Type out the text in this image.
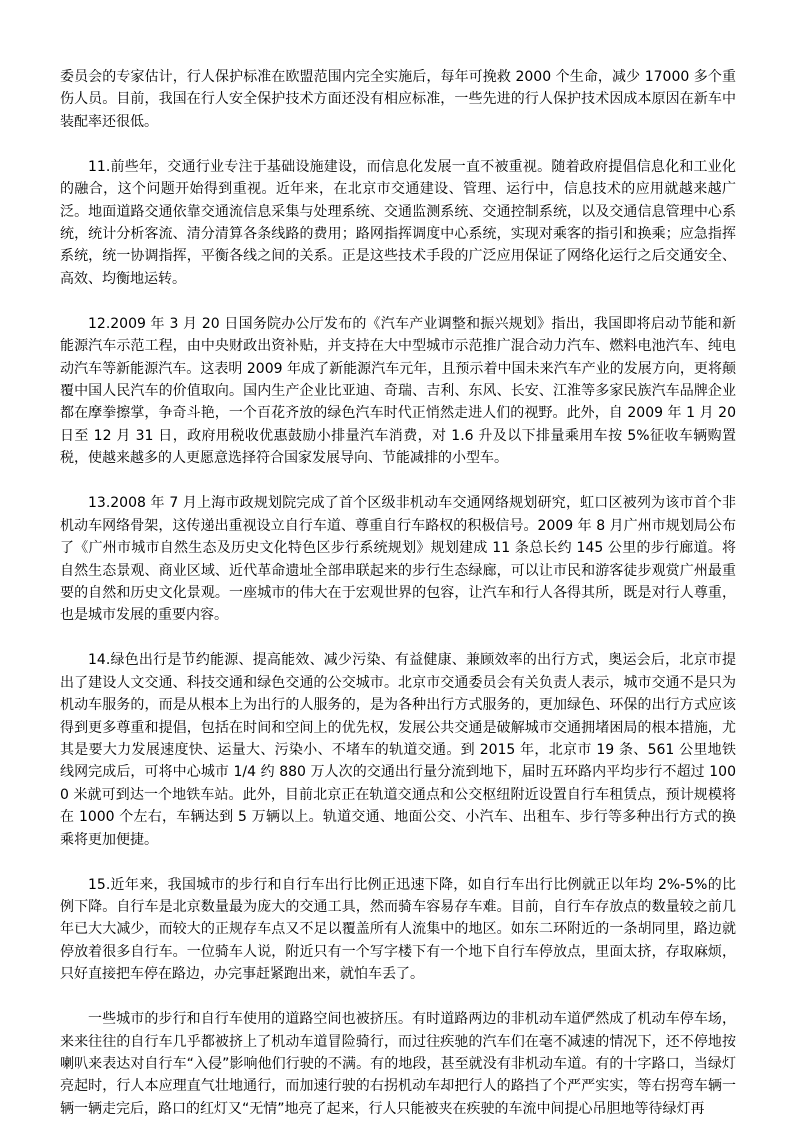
委员会的专家估计，行人保护标准在欧盟范围内完全实施后，每年可挽救 2000 个生命，减少 17000 多个重伤人员。目前，我国在行人安全保护技术方面还没有相应标准，一些先进的行人保护技术因成本原因在新车中装配率还很低。

11.前些年，交通行业专注于基础设施建设，而信息化发展一直不被重视。随着政府提倡信息化和工业化的融合，这个问题开始得到重视。近年来，在北京市交通建设、管理、运行中，信息技术的应用就越来越广泛。地面道路交通依靠交通流信息采集与处理系统、交通监测系统、交通控制系统，以及交通信息管理中心系统，统计分析客流、清分清算各条线路的费用；路网指挥调度中心系统，实现对乘客的指引和换乘；应急指挥系统，统一协调指挥，平衡各线之间的关系。正是这些技术手段的广泛应用保证了网络化运行之后交通安全、高效、均衡地运转。

12.2009 年 3 月 20 日国务院办公厅发布的《汽车产业调整和振兴规划》指出，我国即将启动节能和新能源汽车示范工程，由中央财政出资补贴，并支持在大中型城市示范推广混合动力汽车、燃料电池汽车、纯电动汽车等新能源汽车。这表明 2009 年成了新能源汽车元年，且预示着中国未来汽车产业的发展方向，更将颠覆中国人民汽车的价值取向。国内生产企业比亚迪、奇瑞、吉利、东风、长安、江淮等多家民族汽车品牌企业都在摩拳擦掌，争奇斗艳，一个百花齐放的绿色汽车时代正悄然走进人们的视野。此外，自 2009 年 1 月 20 日至 12 月 31 日，政府用税收优惠鼓励小排量汽车消费，对 1.6 升及以下排量乘用车按 5%征收车辆购置税，使越来越多的人更愿意选择符合国家发展导向、节能减排的小型车。

13.2008 年 7 月上海市政规划院完成了首个区级非机动车交通网络规划研究，虹口区被列为该市首个非机动车网络骨架，这传递出重视设立自行车道、尊重自行车路权的积极信号。2009 年 8 月广州市规划局公布了《广州市城市自然生态及历史文化特色区步行系统规划》规划建成 11 条总长约 145 公里的步行廊道。将自然生态景观、商业区域、近代革命遗址全部串联起来的步行生态绿廊，可以让市民和游客徒步观赏广州最重要的自然和历史文化景观。一座城市的伟大在于宏观世界的包容，让汽车和行人各得其所，既是对行人尊重，也是城市发展的重要内容。

14.绿色出行是节约能源、提高能效、减少污染、有益健康、兼顾效率的出行方式，奥运会后，北京市提出了建设人文交通、科技交通和绿色交通的公交城市。北京市交通委员会有关负责人表示，城市交通不是只为机动车服务的，而是从根本上为出行的人服务的，是为各种出行方式服务的，更加绿色、环保的出行方式应该得到更多尊重和提倡，包括在时间和空间上的优先权，发展公共交通是破解城市交通拥堵困局的根本措施，尤其是要大力发展速度快、运量大、污染小、不堵车的轨道交通。到 2015 年，北京市 19 条、561 公里地铁线网完成后，可将中心城市 1/4 约 880 万人次的交通出行量分流到地下，届时五环路内平均步行不超过 1000 米就可到达一个地铁车站。此外，目前北京正在轨道交通点和公交枢纽附近设置自行车租赁点，预计规模将在 1000 个左右，车辆达到 5 万辆以上。轨道交通、地面公交、小汽车、出租车、步行等多种出行方式的换乘将更加便捷。

15.近年来，我国城市的步行和自行车出行比例正迅速下降，如自行车出行比例就正以年均 2%-5%的比例下降。自行车是北京数量最为庞大的交通工具，然而骑车容易存车难。目前，自行车存放点的数量较之前几年已大大减少，而较大的正规存车点又不足以覆盖所有人流集中的地区。如东二环附近的一条胡同里，路边就停放着很多自行车。一位骑车人说，附近只有一个写字楼下有一个地下自行车停放点，里面太挤，存取麻烦，只好直接把车停在路边，办完事赶紧跑出来，就怕车丢了。

一些城市的步行和自行车使用的道路空间也被挤压。有时道路两边的非机动车道俨然成了机动车停车场，来来往往的自行车几乎都被挤上了机动车道冒险骑行，而过往疾驰的汽车们在毫不减速的情况下，还不停地按喇叭来表达对自行车“入侵”影响他们行驶的不满。有的地段，甚至就没有非机动车道。有的十字路口，当绿灯亮起时，行人本应理直气壮地通行，而加速行驶的右拐机动车却把行人的路挡了个严严实实，等右拐弯车辆一辆一辆走完后，路口的红灯又“无情”地亮了起来，行人只能被夹在疾驶的车流中间提心吊胆地等待绿灯再
